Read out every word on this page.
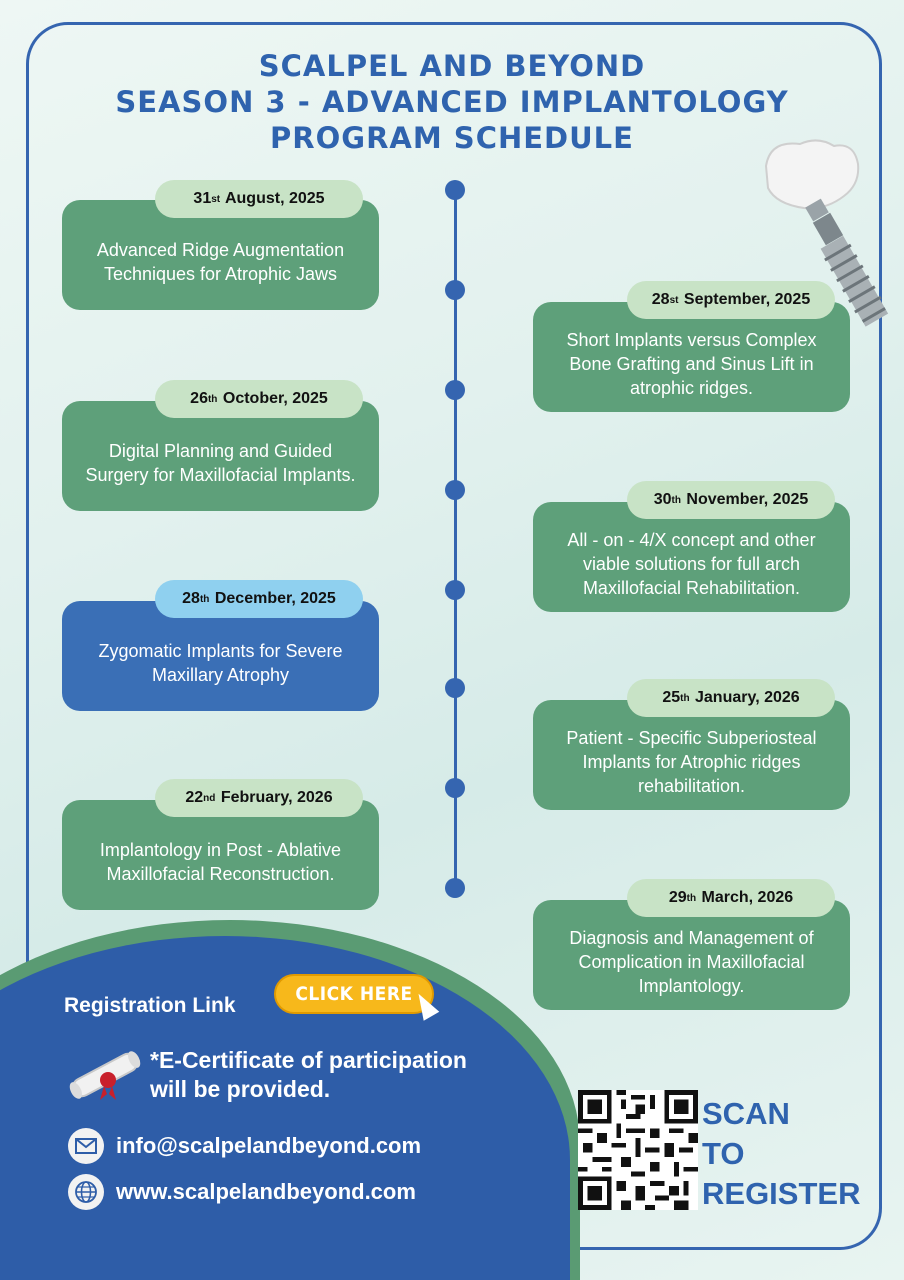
SCALPEL AND BEYOND
SEASON 3 - ADVANCED IMPLANTOLOGY
PROGRAM SCHEDULE
Advanced Ridge Augmentation Techniques for Atrophic Jaws
31 st August, 2025
Short Implants versus Complex Bone Grafting and Sinus Lift in atrophic ridges.
28 st September, 2025
Digital Planning and Guided Surgery for Maxillofacial Implants.
26 th October, 2025
All - on - 4/X concept and other viable solutions for full arch Maxillofacial Rehabilitation.
30 th November, 2025
Zygomatic Implants for Severe Maxillary Atrophy
28 th December, 2025
Patient - Specific Subperiosteal Implants for Atrophic ridges rehabilitation.
25 th January, 2026
Implantology in Post - Ablative Maxillofacial Reconstruction.
22 nd February, 2026
Diagnosis and Management of Complication in Maxillofacial Implantology.
29 th March, 2026
Registration Link	CLICK HERE
*E-Certificate of participation
will be provided.
info@scalpelandbeyond.com
www.scalpelandbeyond.com
SCAN
TO
REGISTER
